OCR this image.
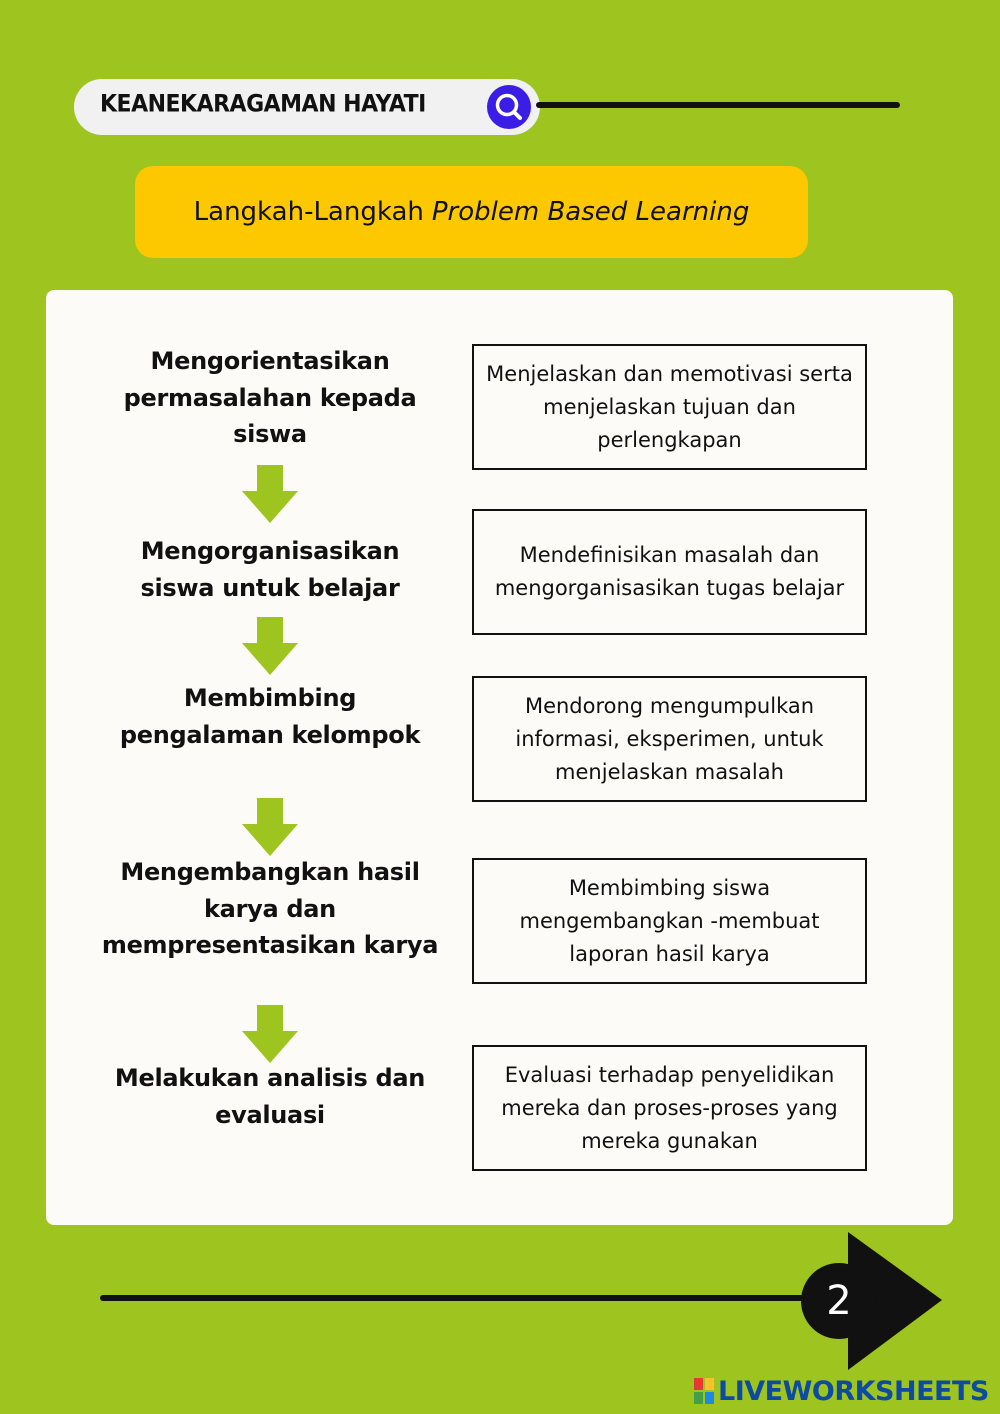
KEANEKARAGAMAN HAYATI
Langkah-Langkah Problem Based Learning
Mengorientasikan permasalahan kepada siswa
Menjelaskan dan memotivasi serta menjelaskan tujuan dan perlengkapan
Mengorganisasikan siswa untuk belajar
Mendefinisikan masalah dan mengorganisasikan tugas belajar
Membimbing pengalaman kelompok
Mendorong mengumpulkan informasi, eksperimen, untuk menjelaskan masalah
Mengembangkan hasil karya dan mempresentasikan karya
Membimbing siswa mengembangkan -membuat laporan hasil karya
Melakukan analisis dan evaluasi
Evaluasi terhadap penyelidikan mereka dan proses-proses yang mereka gunakan
2
LIVEWORKSHEETS
